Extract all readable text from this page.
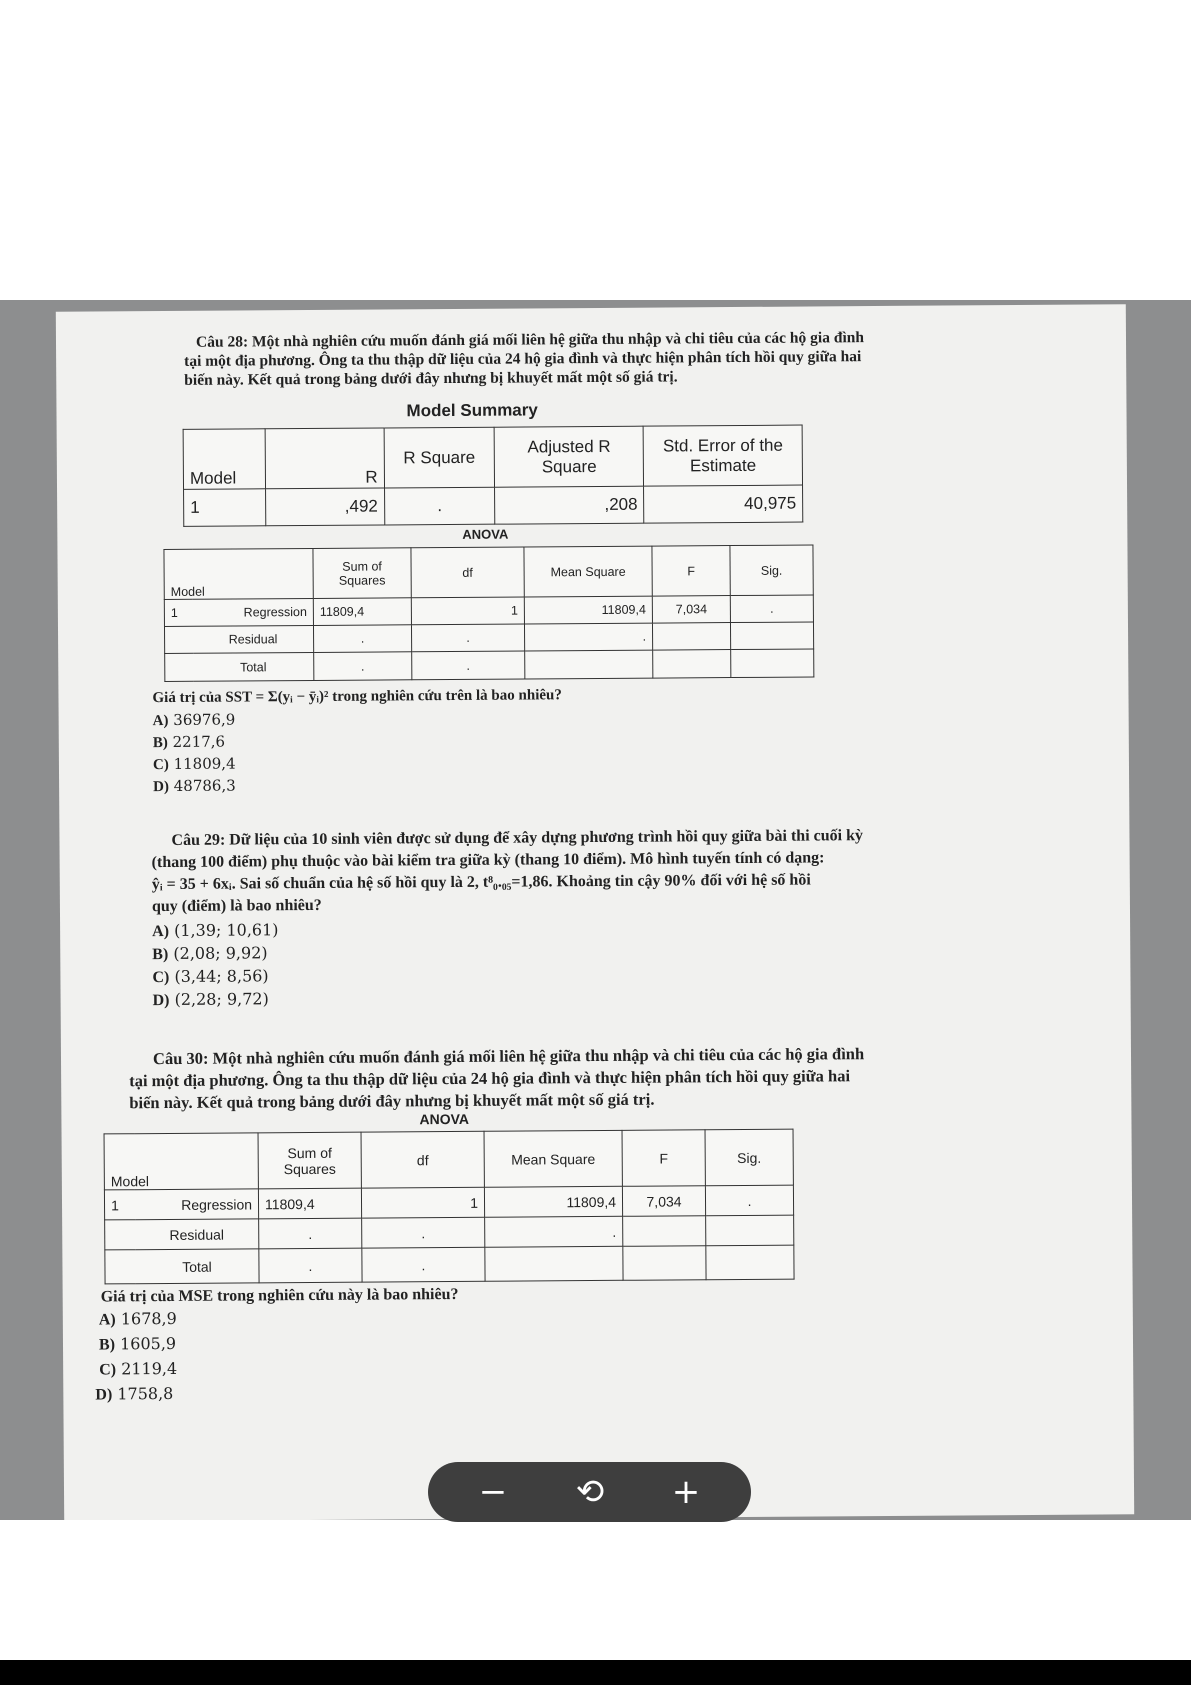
Câu 28: Một nhà nghiên cứu muốn đánh giá mối liên hệ giữa thu nhập và chi tiêu của các hộ gia đình
tại một địa phương. Ông ta thu thập dữ liệu của 24 hộ gia đình và thực hiện phân tích hồi quy giữa hai
biến này. Kết quả trong bảng dưới đây nhưng bị khuyết mất một số giá trị.
Model Summary
Model	R	R Square	Adjusted R Square	Std. Error of the Estimate
1	,492	.	,208	40,975
ANOVA
Model		Sum of Squares	df	Mean Square	F	Sig.
1	Regression	11809,4	1	11809,4	7,034	.
	Residual	.	.	.		
	Total	.	.			
Giá trị của SST = Σ(yᵢ − ȳᵢ)² trong nghiên cứu trên là bao nhiêu?
A) 36976,9
B) 2217,6
C) 11809,4
D) 48786,3
Câu 29: Dữ liệu của 10 sinh viên được sử dụng để xây dựng phương trình hồi quy giữa bài thi cuối kỳ
(thang 100 điểm) phụ thuộc vào bài kiểm tra giữa kỳ (thang 10 điểm). Mô hình tuyến tính có dạng:
ŷᵢ = 35 + 6xᵢ. Sai số chuẩn của hệ số hồi quy là 2, t⁸₀.₀₅=1,86. Khoảng tin cậy 90% đối với hệ số hồi
quy (điểm) là bao nhiêu?
A) (1,39; 10,61)
B) (2,08; 9,92)
C) (3,44; 8,56)
D) (2,28; 9,72)
Câu 30: Một nhà nghiên cứu muốn đánh giá mối liên hệ giữa thu nhập và chi tiêu của các hộ gia đình
tại một địa phương. Ông ta thu thập dữ liệu của 24 hộ gia đình và thực hiện phân tích hồi quy giữa hai
biến này. Kết quả trong bảng dưới đây nhưng bị khuyết mất một số giá trị.
ANOVA
Model		Sum of Squares	df	Mean Square	F	Sig.
1	Regression	11809,4	1	11809,4	7,034	.
	Residual	.	.	.		
	Total	.	.			
Giá trị của MSE trong nghiên cứu này là bao nhiêu?
A) 1678,9
B) 1605,9
C) 2119,4
D) 1758,8
−	⟲	+
